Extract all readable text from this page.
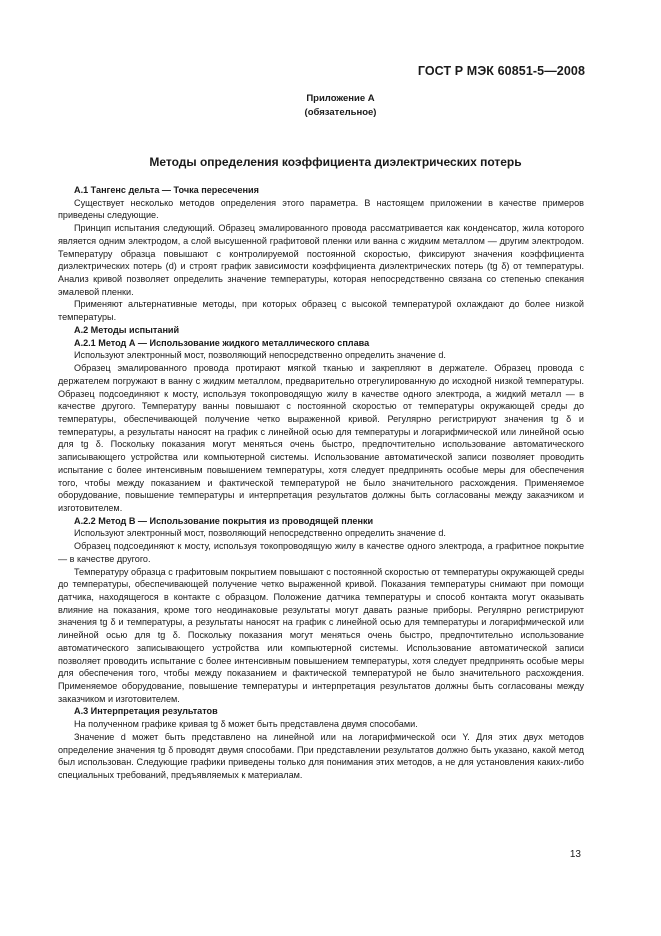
ГОСТ Р МЭК 60851-5—2008
Приложение А
(обязательное)
Методы определения коэффициента диэлектрических потерь

А.1 Тангенс дельта — Точка пересечения

Существует несколько методов определения этого параметра. В настоящем приложении в качестве примеров приведены следующие.

Принцип испытания следующий. Образец эмалированного провода рассматривается как конденсатор, жила которого является одним электродом, а слой высушенной графитовой пленки или ванна с жидким металлом — другим электродом. Температуру образца повышают с контролируемой постоянной скоростью, фиксируют значения коэффициента диэлектрических потерь (d) и строят график зависимости коэффициента диэлектрических потерь (tg δ) от температуры. Анализ кривой позволяет определить значение температуры, которая непосредственно связана со степенью спекания эмалевой пленки.

Применяют альтернативные методы, при которых образец с высокой температурой охлаждают до более низкой температуры.

А.2 Методы испытаний

А.2.1 Метод А — Использование жидкого металлического сплава

Используют электронный мост, позволяющий непосредственно определить значение d.

Образец эмалированного провода протирают мягкой тканью и закрепляют в держателе. Образец провода с держателем погружают в ванну с жидким металлом, предварительно отрегулированную до исходной низкой температуры. Образец подсоединяют к мосту, используя токопроводящую жилу в качестве одного электрода, а жидкий металл — в качестве другого. Температуру ванны повышают с постоянной скоростью от температуры окружающей среды до температуры, обеспечивающей получение четко выраженной кривой. Регулярно регистрируют значения tg δ и температуры, а результаты наносят на график с линейной осью для температуры и логарифмической или линейной осью для tg δ. Поскольку показания могут меняться очень быстро, предпочтительно использование автоматического записывающего устройства или компьютерной системы. Использование автоматической записи позволяет проводить испытание с более интенсивным повышением температуры, хотя следует предпринять особые меры для обеспечения того, чтобы между показанием и фактической температурой не было значительного расхождения. Применяемое оборудование, повышение температуры и интерпретация результатов должны быть согласованы между заказчиком и изготовителем.

А.2.2 Метод В — Использование покрытия из проводящей пленки

Используют электронный мост, позволяющий непосредственно определить значение d.

Образец подсоединяют к мосту, используя токопроводящую жилу в качестве одного электрода, а графитное покрытие — в качестве другого.

Температуру образца с графитовым покрытием повышают с постоянной скоростью от температуры окружающей среды до температуры, обеспечивающей получение четко выраженной кривой. Показания температуры снимают при помощи датчика, находящегося в контакте с образцом. Положение датчика температуры и способ контакта могут оказывать влияние на показания, кроме того неодинаковые результаты могут давать разные приборы. Регулярно регистрируют значения tg δ и температуры, а результаты наносят на график с линейной осью для температуры и логарифмической или линейной осью для tg δ. Поскольку показания могут меняться очень быстро, предпочтительно использование автоматического записывающего устройства или компьютерной системы. Использование автоматической записи позволяет проводить испытание с более интенсивным повышением температуры, хотя следует предпринять особые меры для обеспечения того, чтобы между показанием и фактической температурой не было значительного расхождения. Применяемое оборудование, повышение температуры и интерпретация результатов должны быть согласованы между заказчиком и изготовителем.

А.3 Интерпретация результатов

На полученном графике кривая tg δ может быть представлена двумя способами.

Значение d может быть представлено на линейной или на логарифмической оси Y. Для этих двух методов определение значения tg δ проводят двумя способами. При представлении результатов должно быть указано, какой метод был использован. Следующие графики приведены только для понимания этих методов, а не для установления каких-либо специальных требований, предъявляемых к материалам.

13
